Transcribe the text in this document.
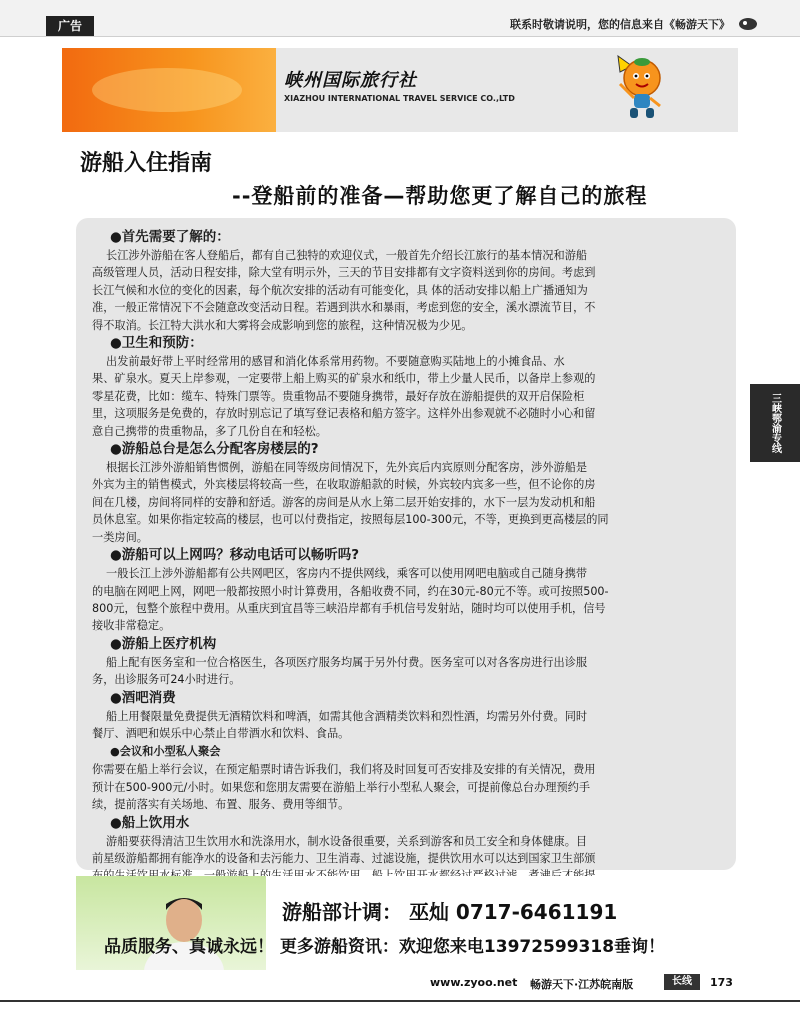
广告	联系时敬请说明，您的信息来自《畅游天下》
峡州国际旅行社
XIAZHOU INTERNATIONAL TRAVEL SERVICE CO.,LTD
游船入住指南
--登船前的准备—帮助您更了解自己的旅程
三峡鄂渝专线
●首先需要了解的：
长江涉外游船在客人登船后，都有自己独特的欢迎仪式，一般首先介绍长江旅行的基本情况和游船
高级管理人员，活动日程安排，除大堂有明示外，三天的节目安排都有文字资料送到你的房间。考虑到
长江气候和水位的变化的因素，每个航次安排的活动有可能变化，具 体的活动安排以船上广播通知为
准，一般正常情况下不会随意改变活动日程。若遇到洪水和暴雨，考虑到您的安全，溪水漂流节目，不
得不取消。长江特大洪水和大雾将会成影响到您的旅程，这种情况极为少见。
●卫生和预防：
出发前最好带上平时经常用的感冒和消化体系常用药物。不要随意购买陆地上的小摊食品、水
果、矿泉水。夏天上岸参观，一定要带上船上购买的矿泉水和纸巾，带上少量人民币，以备岸上参观的
零星花费，比如：缆车、特殊门票等。贵重物品不要随身携带，最好存放在游船提供的双开启保险柜
里，这项服务是免费的，存放时别忘记了填写登记表格和船方签字。这样外出参观就不必随时小心和留
意自己携带的贵重物品，多了几份自在和轻松。
●游船总台是怎么分配客房楼层的?
根据长江涉外游船销售惯例，游船在同等级房间情况下，先外宾后内宾原则分配客房，涉外游船是
外宾为主的销售模式，外宾楼层将较高一些，在收取游船款的时候，外宾较内宾多一些，但不论你的房
间在几楼，房间将同样的安静和舒适。游客的房间是从水上第二层开始安排的，水下一层为发动机和船
员休息室。如果你指定较高的楼层，也可以付费指定，按照每层100-300元，不等，更换到更高楼层的同
一类房间。
●游船可以上网吗？移动电话可以畅听吗?
一般长江上涉外游船都有公共网吧区，客房内不提供网线，乘客可以使用网吧电脑或自己随身携带
的电脑在网吧上网，网吧一般都按照小时计算费用，各船收费不同，约在30元-80元不等。或可按照500-
800元，包整个旅程中费用。从重庆到宜昌等三峡沿岸都有手机信号发射站，随时均可以使用手机，信号
接收非常稳定。
●游船上医疗机构
船上配有医务室和一位合格医生，各项医疗服务均属于另外付费。医务室可以对各客房进行出诊服
务，出诊服务可24小时进行。
●酒吧消费
船上用餐限量免费提供无酒精饮料和啤酒，如需其他含酒精类饮料和烈性酒，均需另外付费。同时
餐厅、酒吧和娱乐中心禁止自带酒水和饮料、食品。
●会议和小型私人聚会
你需要在船上举行会议，在预定船票时请告诉我们，我们将及时回复可否安排及安排的有关情况，费用
预计在500-900元/小时。如果您和您朋友需要在游船上举行小型私人聚会，可提前像总台办理预约手
续，提前落实有关场地、布置、服务、费用等细节。
●船上饮用水
游船要获得清洁卫生饮用水和洗涤用水，制水设备很重要，关系到游客和员工安全和身体健康。目
前星级游船都拥有能净水的设备和去污能力、卫生消毒、过滤设施，提供饮用水可以达到国家卫生部颁
游船部计调： 巫灿 0717-6461191
品质服务、真诚永远！ 更多游船资讯：欢迎您来电13972599318垂询！
www.zyoo.net 畅游天下·江苏皖南版	长线	173
